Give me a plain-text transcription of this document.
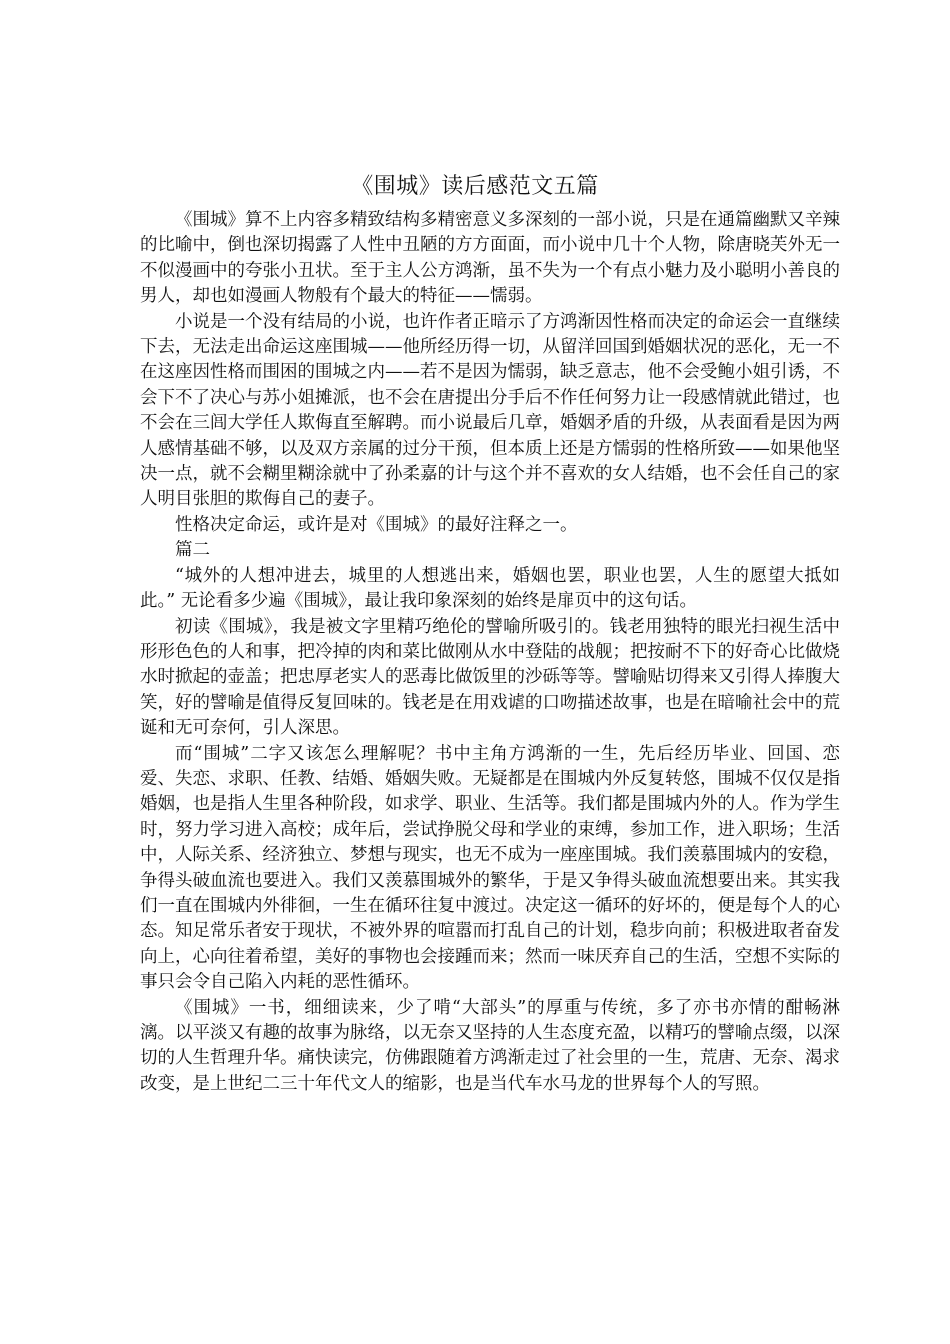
《围城》读后感范文五篇

《围城》算不上内容多精致结构多精密意义多深刻的一部小说，只是在通篇幽默又辛辣的比喻中，倒也深切揭露了人性中丑陋的方方面面，而小说中几十个人物，除唐晓芙外无一不似漫画中的夸张小丑状。至于主人公方鸿渐，虽不失为一个有点小魅力及小聪明小善良的男人，却也如漫画人物般有个最大的特征——懦弱。

小说是一个没有结局的小说，也许作者正暗示了方鸿渐因性格而决定的命运会一直继续下去，无法走出命运这座围城——他所经历得一切，从留洋回国到婚姻状况的恶化，无一不在这座因性格而围困的围城之内——若不是因为懦弱，缺乏意志，他不会受鲍小姐引诱，不会下不了决心与苏小姐摊派，也不会在唐提出分手后不作任何努力让一段感情就此错过，也不会在三闾大学任人欺侮直至解聘。而小说最后几章，婚姻矛盾的升级，从表面看是因为两人感情基础不够，以及双方亲属的过分干预，但本质上还是方懦弱的性格所致——如果他坚决一点，就不会糊里糊涂就中了孙柔嘉的计与这个并不喜欢的女人结婚，也不会任自己的家人明目张胆的欺侮自己的妻子。

性格决定命运，或许是对《围城》的最好注释之一。

篇二

“城外的人想冲进去，城里的人想逃出来，婚姻也罢，职业也罢，人生的愿望大抵如此。” 无论看多少遍《围城》，最让我印象深刻的始终是扉页中的这句话。

初读《围城》，我是被文字里精巧绝伦的譬喻所吸引的。钱老用独特的眼光扫视生活中形形色色的人和事，把冷掉的肉和菜比做刚从水中登陆的战舰；把按耐不下的好奇心比做烧水时掀起的壶盖；把忠厚老实人的恶毒比做饭里的沙砾等等。譬喻贴切得来又引得人捧腹大笑，好的譬喻是值得反复回味的。钱老是在用戏谑的口吻描述故事，也是在暗喻社会中的荒诞和无可奈何，引人深思。

而“围城”二字又该怎么理解呢？书中主角方鸿渐的一生，先后经历毕业、回国、恋爱、失恋、求职、任教、结婚、婚姻失败。无疑都是在围城内外反复转悠，围城不仅仅是指婚姻，也是指人生里各种阶段，如求学、职业、生活等。我们都是围城内外的人。作为学生时，努力学习进入高校；成年后，尝试挣脱父母和学业的束缚，参加工作，进入职场；生活中，人际关系、经济独立、梦想与现实，也无不成为一座座围城。我们羡慕围城内的安稳，争得头破血流也要进入。我们又羡慕围城外的繁华，于是又争得头破血流想要出来。其实我们一直在围城内外徘徊，一生在循环往复中渡过。决定这一循环的好坏的，便是每个人的心态。知足常乐者安于现状，不被外界的喧嚣而打乱自己的计划，稳步向前；积极进取者奋发向上，心向往着希望，美好的事物也会接踵而来；然而一味厌弃自己的生活，空想不实际的事只会令自己陷入内耗的恶性循环。

《围城》一书，细细读来，少了啃“大部头”的厚重与传统，多了亦书亦情的酣畅淋漓。以平淡又有趣的故事为脉络，以无奈又坚持的人生态度充盈，以精巧的譬喻点缀，以深切的人生哲理升华。痛快读完，仿佛跟随着方鸿渐走过了社会里的一生，荒唐、无奈、渴求改变，是上世纪二三十年代文人的缩影，也是当代车水马龙的世界每个人的写照。
